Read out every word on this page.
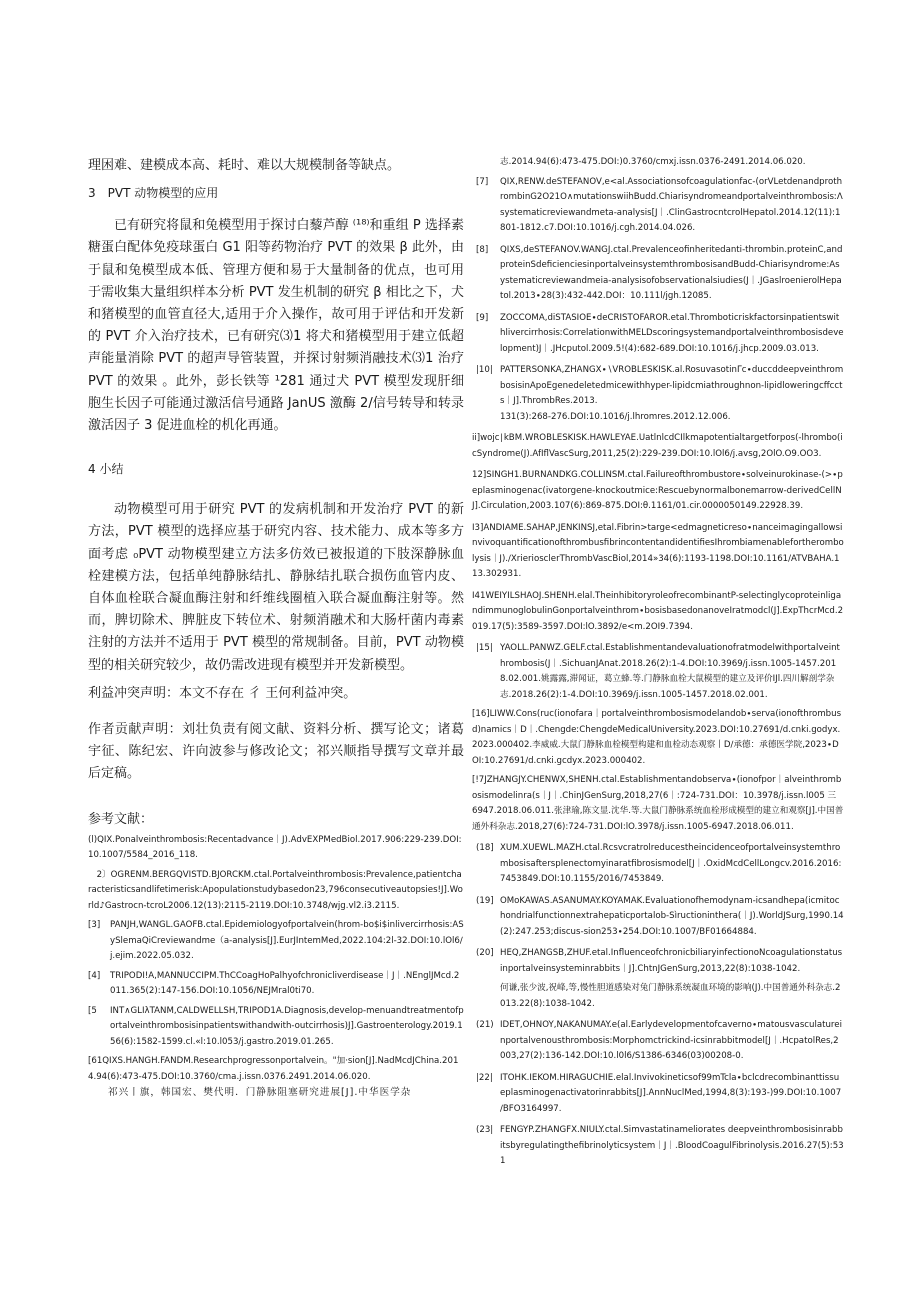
理困难、建模成本高、耗时、难以大规模制备等缺点。

3　PVT 动物模型的应用

已有研究将鼠和兔模型用于探讨白藜芦醇 ⁽¹⁸⁾和重组 P 选择素糖蛋白配体免疫球蛋白 G1 阳等药物治疗 PVT 的效果 β 此外，由于鼠和兔模型成本低、管理方便和易于大量制备的优点，也可用于需收集大量组织样本分析 PVT 发生机制的研究 β 相比之下，犬和猪模型的血管直径大,适用于介入操作，故可用于评估和开发新的 PVT 介入治疗技术，已有研究⑶1 将犬和猪模型用于建立低超声能量消除 PVT 的超声导管装置，并探讨射频消融技术⑶1 治疗 PVT 的效果 。此外，彭长铁等 ¹281 通过犬 PVT 模型发现肝细胞生长因子可能通过激活信号通路 JanUS 激酶 2/信号转导和转录激活因子 3 促进血栓的机化再通。

4 小结

动物模型可用于研究 PVT 的发病机制和开发治疗 PVT 的新方法，PVT 模型的选择应基于研究内容、技术能力、成本等多方面考虑 ₀PVT 动物模型建立方法多仿效已被报道的下肢深静脉血栓建模方法，包括单纯静脉结扎、静脉结扎联合损伤血管内皮、自体血栓联合凝血酶注射和纤维线圈植入联合凝血酶注射等。然而，脾切除术、脾脏皮下转位术、射频消融术和大肠杆菌内毒素注射的方法并不适用于 PVT 模型的常规制备。目前，PVT 动物模型的相关研究较少，故仍需改进现有模型并开发新模型。

利益冲突声明：本文不存在 彳 王何利益冲突。

作者贡献声明：刘壮负责有阅文献、资料分析、撰写论文；诸葛宇征、陈纪宏、许向波参与修改论文；祁兴顺指导撰写文章并最后定稿。

参考文献：

(l)QIX.Ponalveinthrombosis:Recentadvance｜J).AdvEXPMedBiol.2017.906:229-239.DOI:10.1007/5584_2016_118.

　2〕OGRENM.BERGQVISTD.BJORCKM.ctal.Portalveinthrombosis:Prevalence,patientcharacteristicsandlifetimerisk:Apopulationstudybasedon23,796consecutiveautopsies!J].World♪Gastrocn-tcroL2006.12(13):2115-2119.DOI:10.3748∕wjg.vl2.i3.2115.

[3] PANJH,WANGL.GAOFB.ctal.Epidemiologyofportalvein(hrom-bo$i$inlivercirrhosis:ASySlemaQiCreviewandme（a-analysis[J].EurJIntemMed,2022.104:2l-32.DOI:10.lOl6∕j.ejim.2022.05.032.

[4] TRIPODI!A,MANNUCCIPM.ThCCoagHoPalhyofchronicliverdisease｜J｜.NEnglJMcd.2011.365(2):147-156.DOI:10.1056/NEJMral0ti70.

[5 INT∧GLIλTANM,CALDWELLSH,TRIPOD1A.Diagnosis,develop-menuandtreatmentofportalveinthrombosisinpatientswithandwith-outcirrhosis)J].Gastroenterology.2019.156(6):1582-1599.cl.«l:10.l053/j.gastro.2019.01.265.

[61QIXS.HANGH.FANDM.Researchprogressonportalvein。"加·sion[J].NadMcdJChina.2014.94(6):473-475.DOI:10.3760/cma.j.issn.0376.2491.2014.06.020.

祁兴丨旗，韩国宏、樊代明．门静脉阻塞研究进展[J].中华医学杂

志.2014.94(6):473-475.DOI:)0.3760∕cmxj.issn.0376-2491.2014.06.020.

[7] QIX,RENW.deSTEFANOV,e<al.Associationsofcoagulationfac-(orVLetdenandprothrombinG2O21O∧mutationswiihBudd.ChiarisyndromeandportalveinthrombosisːΛsystematicreviewandmeta-analysis[J｜.ClinGastrocntcrolHepatol.2014.12(11):1801-1812.c7.DOI:10.1016/j.cgh.2014.04.026.

[8] QIXS,deSTEFANOV.WANGJ.ctal.Prevalenceofinheritedanti-thrombin.proteinC,andproteinSdeficienciesinportalveinsystemthrombosisandBudd-Chiarisyndrome:Asystematicreviewandmeia-analysisofobservationalsiudies(J｜.JGaslroenierolHepatol.2013∙28(3):432-442.DOI：10.111l∕jgh.12085.

[9] ZOCCOMA,diSTASIOE∙deCRISTOFAROR.etal.ThromboticriskfactorsinpatientswithlivercirrhosisːCorrelationwithMELDscoringsystemandportalveinthrombosisdevelopment)J｜.JHcputol.2009.5!(4):682-689.DOI:10.1016/j.jhcp.2009.03.013.

|10| PATTERSONKA,ZHANGX∙∖VROBLESKISK.al.RosuvasotinΓc∙duccddeepveinthrombosisinApoEgenedeletedmicewithhyper-lipidcmiathroughnon-lipidloweringcffccts｜J].ThrombRes.2013.

131(3):268-276.DOI:10.1016/j.lhromres.2012.12.006.

ii]wojc∣kBM.WROBLESKISK.HAWLEYAE.UatlnlcdCIlkmapotentialtargetforpos(-lhrombo(icSyndrome(J).AfIflVascSurg,2011,25(2):229-239.DOI:10.lOl6∕j.avsg,2OlO.O9.OO3.

12]SINGH1.BURNANDKG.COLLINSM.ctal.Failureofthrombustore∙solveinurokinase-(>∙peplasminogenac(ivatorgene-knockoutmice:Rescuebynormalbonemarrow-derivedCellNJ].Circulation,2003.107(6):869-875.DOI:θ.1161/01.cir.0000050149.22928.39.

I3]ANDIAME.SAHAP,JENKINSJ,etal.Fibrin>targe<edmagneticreso∙nanceimagingallowsinvivoquantificationofthrombusfibrincontentandidentifiesIhrombiamenablefortherombolysis｜J).∕XrieriosclerThrombVascBiol,2014»34(6):1193-1198.DOI:10.1161/ATVBAHA.113.302931.

I41WEIYILSHAOJ.SHENH.elal.TheinhibitoryroleofrecombinantP-selectinglycoproteinligandimmunoglobulinGonportalveinthrom∙bosisbasedonanoveIratmodcl(J].ExpThcrMcd.2019.17(5):3589-3597.DOI:lO.3892∕e<m.2OI9.7394.

|15| YAOLL.PANWZ.GELF.ctal.Establishmentandevaluationofratmodelwithportalveinthrombosis(J｜.SichuanJAnat.2018.26(2):1-4.DOI:10.3969/j.issn.1005-1457.2018.02.001.姚露露,滞闻证，葛立蜂.等.门静脉血栓大鼠模型的建立及评价IJl.四川解剖学杂志.2018.26(2):1-4.DOI:10.3969/j.issn.1005-1457.2018.02.001.

[16]LIWW.Cons(ruc(ionofara｜portalveinthrombosismodelandob∙serva(ionofthrombusd)namics｜D｜.ChengdeːChengdeMedicalUniversity.2023.DOI:10.27691/d.cnki.godyx.2023.000402.李威威.大鼠门静脉血栓模型构建和血栓动态观察丨D∕承德：承德医学院,2023∙DOI:10.27691∕d.cnki.gcdyx.2023.000402.

[!7JZHANGJY.CHENWX,SHENH.ctal.Establishmentandobserva∙(ionofpor｜alveinthrombosismodelinra(s｜J｜.ChinJGenSurg,2018,27(6｜:724-731.DOI：10.3978/j.issn.l005 三 6947.2018.06.011.张津瑜,陈文显.沈华.等.大鼠门静脉系统血栓形成模型的建立和观察[J].中国普通外科杂志.2018,27(6):724-731.DOI:lO.3978∕j.issn.1005-6947.2018.06.011.

(18] XUM.XUEWL.MAZH.ctal.Rcsvcratrolreducestheincidenceofportalveinsystemthrombosisaftersplenectomyinaratfibrosismodel[J｜.OxidMcdCellLongcv.2016.2016:7453849.DOI:10.1155/2016/7453849.

(19] OMoKAWAS.ASANUMAY.KOYAMAK.Evaluationofhemodynam-icsandhepa(icmitochondrialfunctionnextrahepaticportalob-Sìructioninthera(｜J).WorldJSurg,1990.14(2):247.253;discus-sion253∙254.DOIː10.1007/BF01664884.

(20] HEQ,ZHANGSB,ZHUF.etal.InfluenceofchronicbiliaryinfectionoNcoagulationstatusinportalveinsysteminrabbits｜J].ChtnJGenSurg,2013,22(8):1038-1042.

何谦,张少波,祝峰,等,慢性胆道感染对兔门静脉系统凝血环境的影响(J).中国普通外科杂志.2013.22(8):1038-1042.

(21) IDET,OHNOY,NAKANUMAY.e(al.Earlydevelopmentofcaverno∙matousvasculatureinportalvenousthrombosis:Morphomctrickind-icsinrabbitmodel[J｜.HcpatolRes,2003,27(2):136-142.DOI:10.l0l6∕S1386-6346(03)00208-0.

|22| ITOHK.IEKOM.HIRAGUCHIE.elal.Invivokineticsof99mTcla∙bclcdrecombinanttissueplasminogenactivatorinrabbits[J].AnnNuclMed,1994,8(3):193-)99.DOI:10.1007∕BFO3164997.

(23| FENGYP.ZHANGFX.NIULY.ctal.Simvastatinameliorates deepveinthrombosisinrabbitsbyregulatingthefibrinolyticsystem｜J｜.BloodCoagulFibrinolysis.2016.27(5):531
